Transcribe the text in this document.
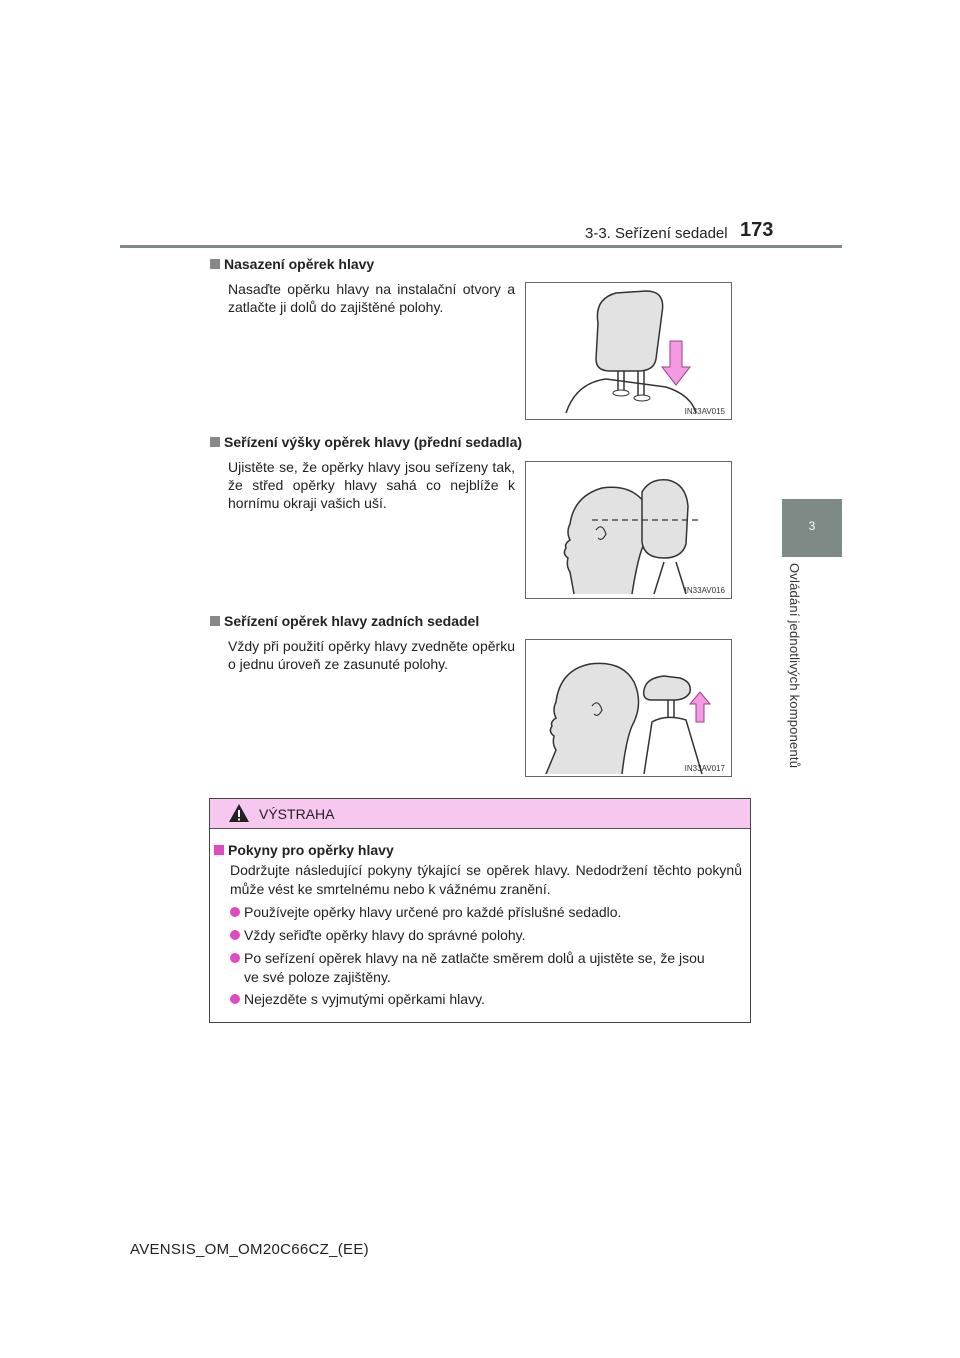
3-3. Seřízení sedadel 173
3
Ovládání jednotlivých komponentů
Nasazení opěrek hlavy
Nasaďte opěrku hlavy na instalační otvory a zatlačte ji dolů do zajištěné polohy.
IN33AV015
Seřízení výšky opěrek hlavy (přední sedadla)
Ujistěte se, že opěrky hlavy jsou seřízeny tak, že střed opěrky hlavy sahá co nejblíže k hornímu okraji vašich uší.
IN33AV016
Seřízení opěrek hlavy zadních sedadel
Vždy při použití opěrky hlavy zvedněte opěrku o jednu úroveň ze zasunuté polohy.
IN33AV017
VÝSTRAHA
Pokyny pro opěrky hlavy
Dodržujte následující pokyny týkající se opěrek hlavy. Nedodržení těchto pokynů může vést ke smrtelnému nebo k vážnému zranění.
Používejte opěrky hlavy určené pro každé příslušné sedadlo.
Vždy seřiďte opěrky hlavy do správné polohy.
Po seřízení opěrek hlavy na ně zatlačte směrem dolů a ujistěte se, že jsou
ve své poloze zajištěny.
Nejezděte s vyjmutými opěrkami hlavy.
AVENSIS_OM_OM20C66CZ_(EE)
